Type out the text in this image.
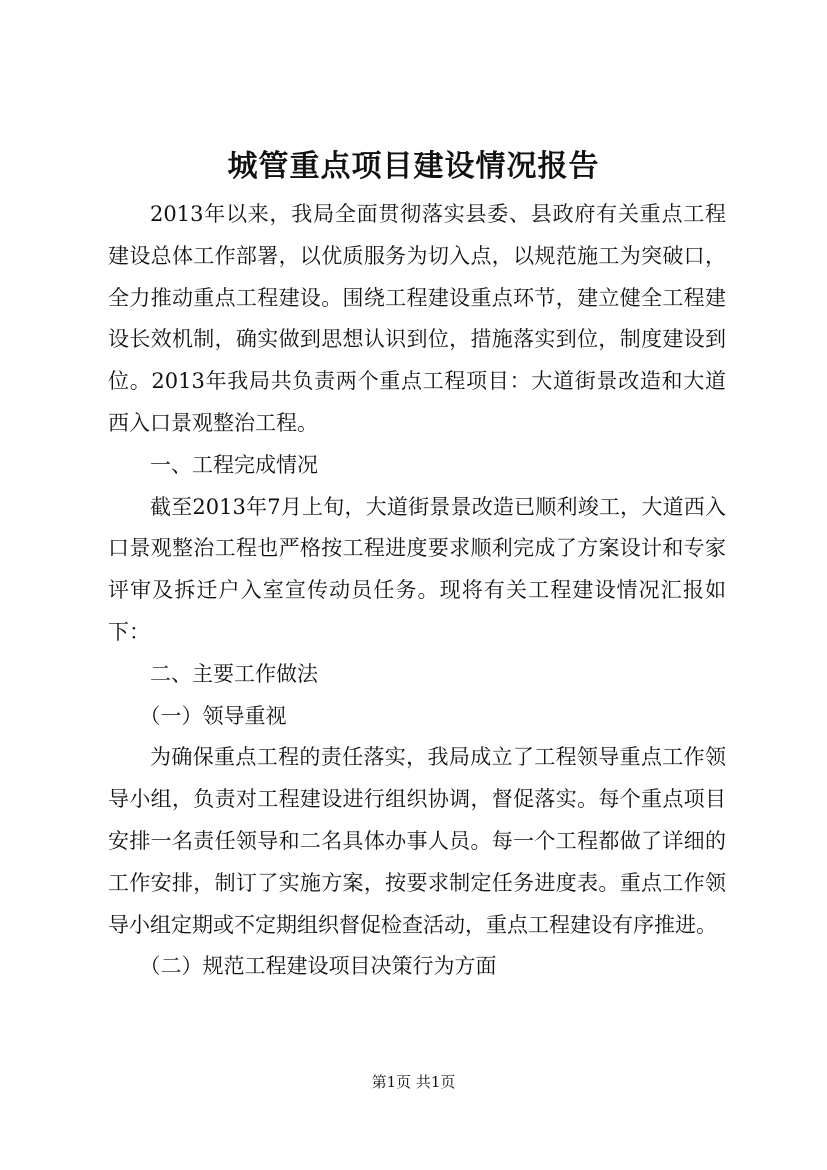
城管重点项目建设情况报告

2013年以来，我局全面贯彻落实县委、县政府有关重点工程建设总体工作部署，以优质服务为切入点，以规范施工为突破口，全力推动重点工程建设。围绕工程建设重点环节，建立健全工程建设长效机制，确实做到思想认识到位，措施落实到位，制度建设到位。2013年我局共负责两个重点工程项目：大道街景改造和大道西入口景观整治工程。

一、工程完成情况

截至2013年7月上旬，大道街景景改造已顺利竣工，大道西入口景观整治工程也严格按工程进度要求顺利完成了方案设计和专家评审及拆迁户入室宣传动员任务。现将有关工程建设情况汇报如下：

二、主要工作做法

（一）领导重视

为确保重点工程的责任落实，我局成立了工程领导重点工作领导小组，负责对工程建设进行组织协调，督促落实。每个重点项目安排一名责任领导和二名具体办事人员。每一个工程都做了详细的工作安排，制订了实施方案，按要求制定任务进度表。重点工作领导小组定期或不定期组织督促检查活动，重点工程建设有序推进。

（二）规范工程建设项目决策行为方面

第1页 共1页
